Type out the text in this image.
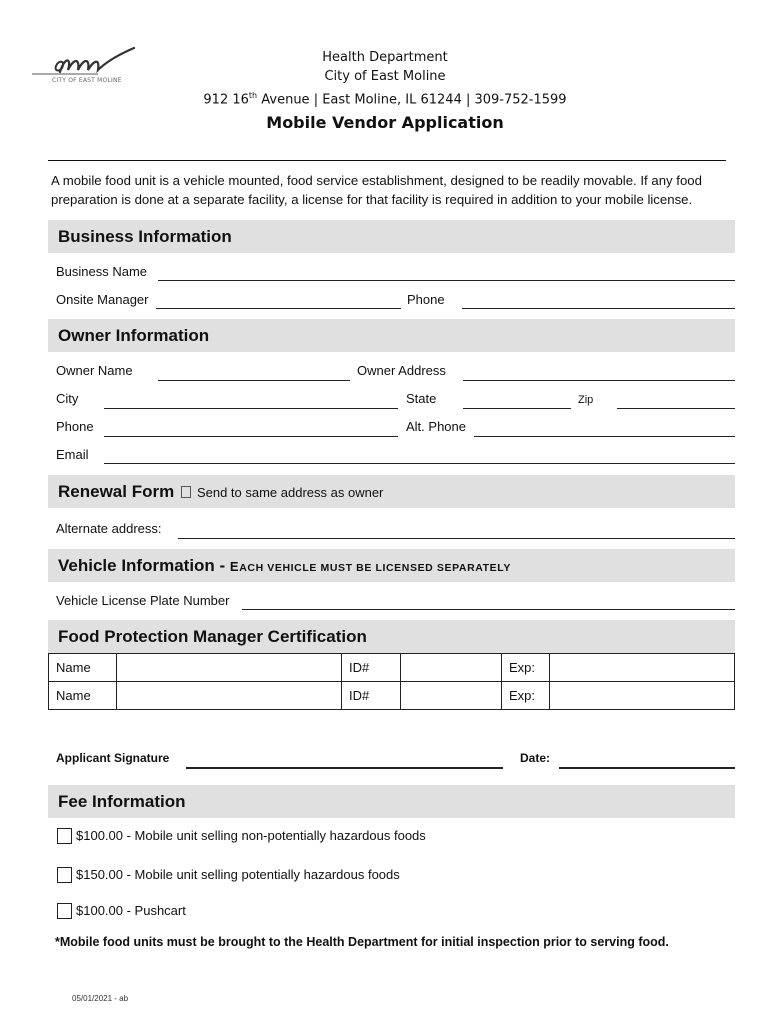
CITY OF EAST MOLINE
Health Department
City of East Moline
912 16th Avenue | East Moline, IL 61244 | 309-752-1599
Mobile Vendor Application
A mobile food unit is a vehicle mounted, food service establishment, designed to be readily movable. If any food preparation is done at a separate facility, a license for that facility is required in addition to your mobile license.
Business Information
Business Name
Onsite Manager	Phone
Owner Information
Owner Name	Owner Address
City	State	Zip
Phone	Alt. Phone
Email
Renewal Form Send to same address as owner
Alternate address:
Vehicle Information - EACH VEHICLE MUST BE LICENSED SEPARATELY
Vehicle License Plate Number
Food Protection Manager Certification
Name		ID#		Exp:	
Name		ID#		Exp:	
Applicant Signature	Date:
Fee Information
$100.00 - Mobile unit selling non-potentially hazardous foods
$150.00 - Mobile unit selling potentially hazardous foods
$100.00 - Pushcart
*Mobile food units must be brought to the Health Department for initial inspection prior to serving food.
05/01/2021 - ab
